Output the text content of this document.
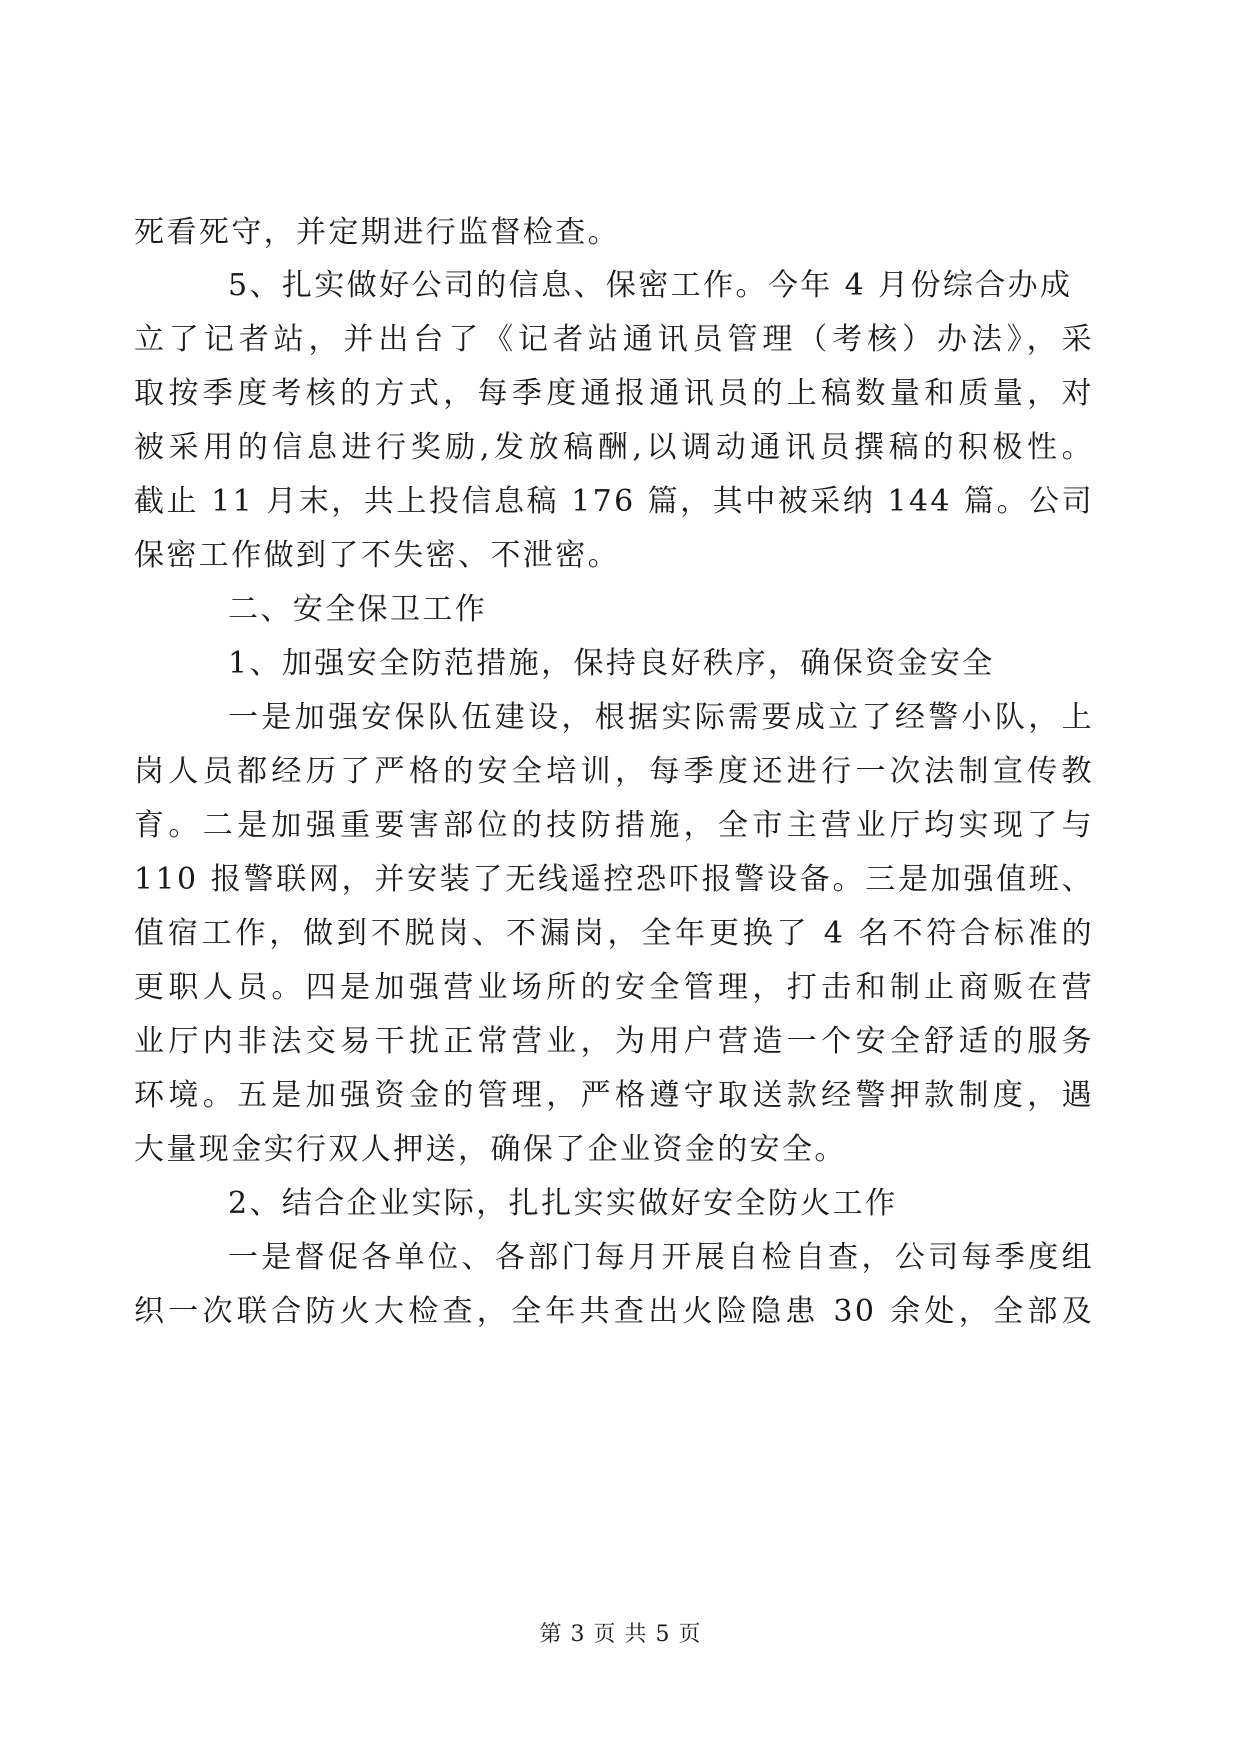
死看死守，并定期进行监督检查。
5、扎实做好公司的信息、保密工作。今年 4 月份综合办成
立了记者站，并出台了《记者站通讯员管理（考核）办法》，采
取按季度考核的方式，每季度通报通讯员的上稿数量和质量，对
被采用的信息进行奖励,发放稿酬,以调动通讯员撰稿的积极性。
截止 11 月末，共上投信息稿 176 篇，其中被采纳 144 篇。公司
保密工作做到了不失密、不泄密。
二、安全保卫工作
1、加强安全防范措施，保持良好秩序，确保资金安全
一是加强安保队伍建设，根据实际需要成立了经警小队，上
岗人员都经历了严格的安全培训，每季度还进行一次法制宣传教
育。二是加强重要害部位的技防措施，全市主营业厅均实现了与
110 报警联网，并安装了无线遥控恐吓报警设备。三是加强值班、
值宿工作，做到不脱岗、不漏岗，全年更换了 4 名不符合标准的
更职人员。四是加强营业场所的安全管理，打击和制止商贩在营
业厅内非法交易干扰正常营业，为用户营造一个安全舒适的服务
环境。五是加强资金的管理，严格遵守取送款经警押款制度，遇
大量现金实行双人押送，确保了企业资金的安全。
2、结合企业实际，扎扎实实做好安全防火工作
一是督促各单位、各部门每月开展自检自查，公司每季度组
织一次联合防火大检查，全年共查出火险隐患 30 余处，全部及
第 3 页 共 5 页
